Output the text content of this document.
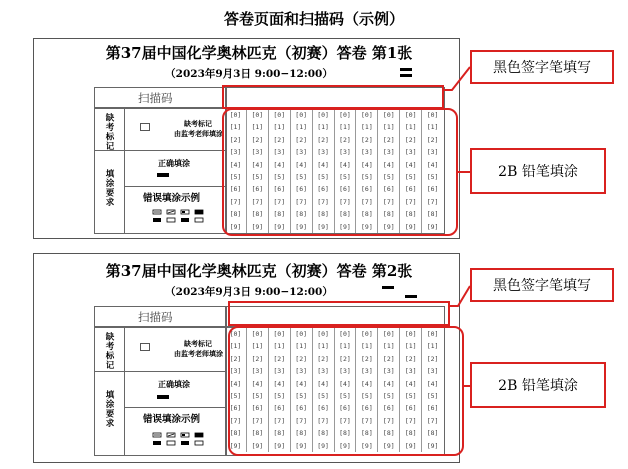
答卷页面和扫描码（示例）
第37届中国化学奥林匹克（初赛）答卷 第1张
（2023年9月3日 9:00−12:00）
扫描码
缺考标记	缺考标记
由监考老师填涂
填涂要求
正确填涂
错误填涂示例
[0]
[1]
[2]
[3]
[4]
[5]
[6]
[7]
[8]
[9]
[0]
[1]
[2]
[3]
[4]
[5]
[6]
[7]
[8]
[9]
[0]
[1]
[2]
[3]
[4]
[5]
[6]
[7]
[8]
[9]
[0]
[1]
[2]
[3]
[4]
[5]
[6]
[7]
[8]
[9]
[0]
[1]
[2]
[3]
[4]
[5]
[6]
[7]
[8]
[9]
[0]
[1]
[2]
[3]
[4]
[5]
[6]
[7]
[8]
[9]
[0]
[1]
[2]
[3]
[4]
[5]
[6]
[7]
[8]
[9]
[0]
[1]
[2]
[3]
[4]
[5]
[6]
[7]
[8]
[9]
[0]
[1]
[2]
[3]
[4]
[5]
[6]
[7]
[8]
[9]
[0]
[1]
[2]
[3]
[4]
[5]
[6]
[7]
[8]
[9]
第37届中国化学奥林匹克（初赛）答卷 第2张
（2023年9月3日 9:00−12:00）
扫描码
缺考标记	缺考标记
由监考老师填涂
填涂要求
正确填涂
错误填涂示例
[0]
[1]
[2]
[3]
[4]
[5]
[6]
[7]
[8]
[9]
[0]
[1]
[2]
[3]
[4]
[5]
[6]
[7]
[8]
[9]
[0]
[1]
[2]
[3]
[4]
[5]
[6]
[7]
[8]
[9]
[0]
[1]
[2]
[3]
[4]
[5]
[6]
[7]
[8]
[9]
[0]
[1]
[2]
[3]
[4]
[5]
[6]
[7]
[8]
[9]
[0]
[1]
[2]
[3]
[4]
[5]
[6]
[7]
[8]
[9]
[0]
[1]
[2]
[3]
[4]
[5]
[6]
[7]
[8]
[9]
[0]
[1]
[2]
[3]
[4]
[5]
[6]
[7]
[8]
[9]
[0]
[1]
[2]
[3]
[4]
[5]
[6]
[7]
[8]
[9]
[0]
[1]
[2]
[3]
[4]
[5]
[6]
[7]
[8]
[9]
黑色签字笔填写
2B 铅笔填涂
黑色签字笔填写
2B 铅笔填涂
